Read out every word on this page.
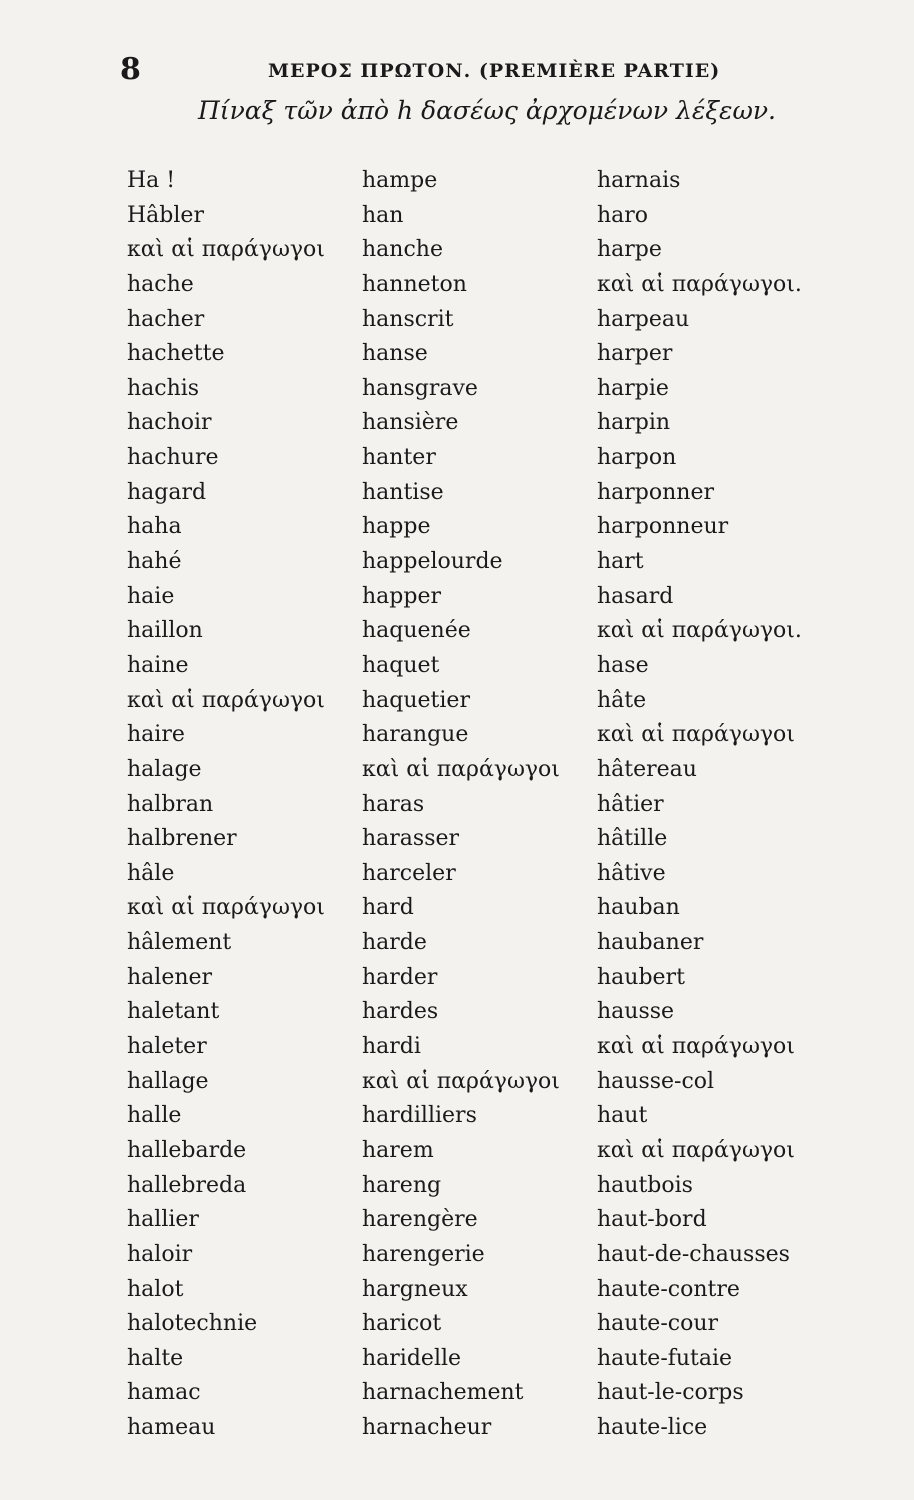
8	ΜΕΡΟΣ ΠΡΩΤΟΝ. (PREMIÈRE PARTIE)
Πίναξ τῶν ἀπὸ h δασέως ἀρχομένων λέξεων.
Ha !
Hâbler
καὶ αἱ παράγωγοι
hache
hacher
hachette
hachis
hachoir
hachure
hagard
haha
hahé
haie
haillon
haine
καὶ αἱ παράγωγοι
haire
halage
halbran
halbrener
hâle
καὶ αἱ παράγωγοι
hâlement
halener
haletant
haleter
hallage
halle
hallebarde
hallebreda
hallier
haloir
halot
halotechnie
halte
hamac
hameau
hampe
han
hanche
hanneton
hanscrit
hanse
hansgrave
hansière
hanter
hantise
happe
happelourde
happer
haquenée
haquet
haquetier
harangue
καὶ αἱ παράγωγοι
haras
harasser
harceler
hard
harde
harder
hardes
hardi
καὶ αἱ παράγωγοι
hardilliers
harem
hareng
harengère
harengerie
hargneux
haricot
haridelle
harnachement
harnacheur
harnais
haro
harpe
καὶ αἱ παράγωγοι.
harpeau
harper
harpie
harpin
harpon
harponner
harponneur
hart
hasard
καὶ αἱ παράγωγοι.
hase
hâte
καὶ αἱ παράγωγοι
hâtereau
hâtier
hâtille
hâtive
hauban
haubaner
haubert
hausse
καὶ αἱ παράγωγοι
hausse-col
haut
καὶ αἱ παράγωγοι
hautbois
haut-bord
haut-de-chausses
haute-contre
haute-cour
haute-futaie
haut-le-corps
haute-lice
